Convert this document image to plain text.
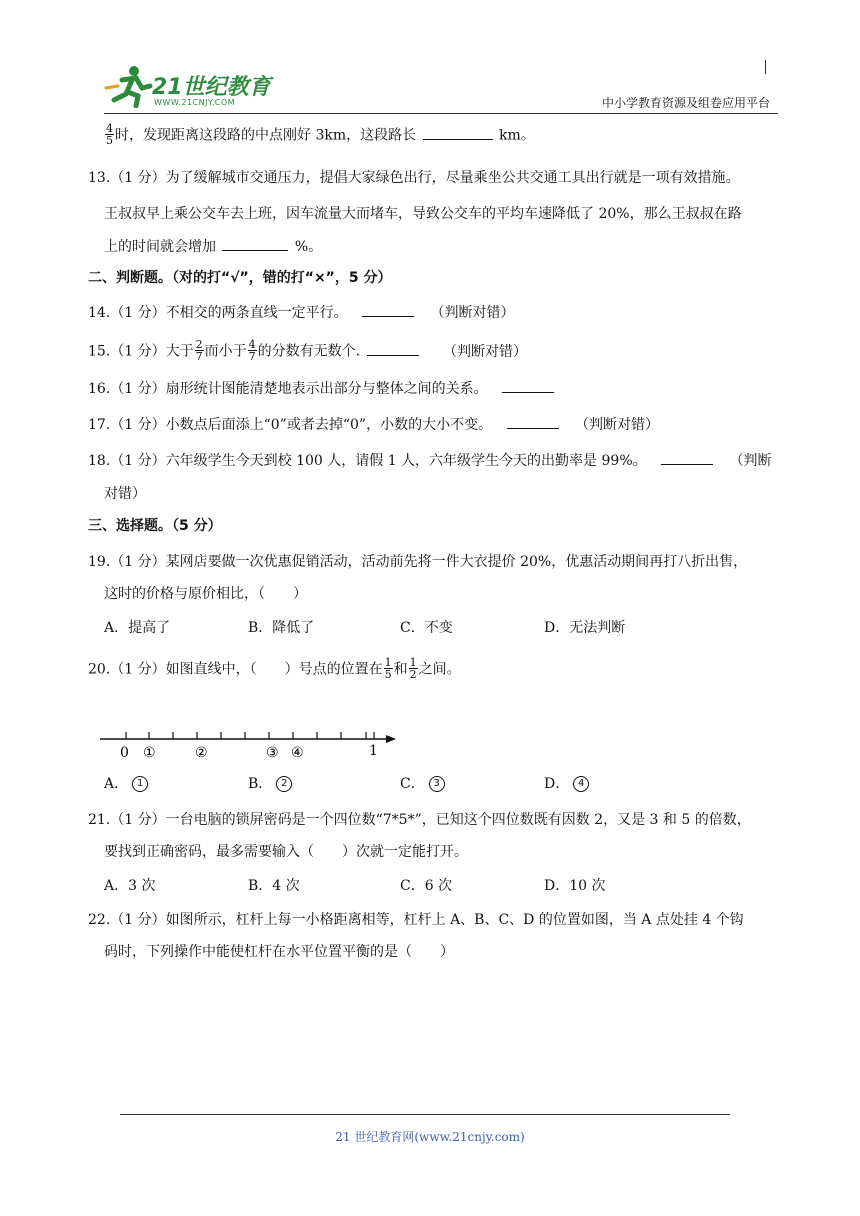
21世纪教育
WWW.21CNJY.COM	中小学教育资源及组卷应用平台
$\frac{4}{5}$ 时，发现距离这段路的中点刚好 3km，这段路长	km。
13.（1 分）为了缓解城市交通压力，提倡大家绿色出行，尽量乘坐公共交通工具出行就是一项有效措施。
王叔叔早上乘公交车去上班，因车流量大而堵车，导致公交车的平均车速降低了 20%，那么王叔叔在路
上的时间就会增加	%。
二、判断题。（对的打“√”，错的打“×”，5 分）
14.（1 分）不相交的两条直线一定平行。	（判断对错）
15.（1 分）大于 $\frac{2}{7}$ 而小于 $\frac{4}{7}$ 的分数有无数个.	（判断对错）
16.（1 分）扇形统计图能清楚地表示出部分与整体之间的关系。
17.（1 分）小数点后面添上“0”或者去掉“0”，小数的大小不变。	（判断对错）
18.（1 分）六年级学生今天到校 100 人，请假 1 人，六年级学生今天的出勤率是 99%。	（判断
对错）
三、选择题。（5 分）
19.（1 分）某网店要做一次优惠促销活动，活动前先将一件大衣提价 20%，优惠活动期间再打八折出售，
这时的价格与原价相比，（　　）
A．提高了	B．降低了	C．不变	D．无法判断
20.（1 分）如图直线中，（　　）号点的位置在 $\frac{1}{5}$ 和 $\frac{1}{2}$ 之间。
0 ①	②	③ ④	1
A． 1	B． 2	C． 3	D． 4
21.（1 分）一台电脑的锁屏密码是一个四位数“7*5*”，已知这个四位数既有因数 2，又是 3 和 5 的倍数，
要找到正确密码，最多需要输入（　　）次就一定能打开。
A．3 次	B．4 次	C．6 次	D．10 次
22.（1 分）如图所示，杠杆上每一小格距离相等，杠杆上 A、B、C、D 的位置如图，当 A 点处挂 4 个钩
码时，下列操作中能使杠杆在水平位置平衡的是（　　）
21 世纪教育网(www.21cnjy.com)
